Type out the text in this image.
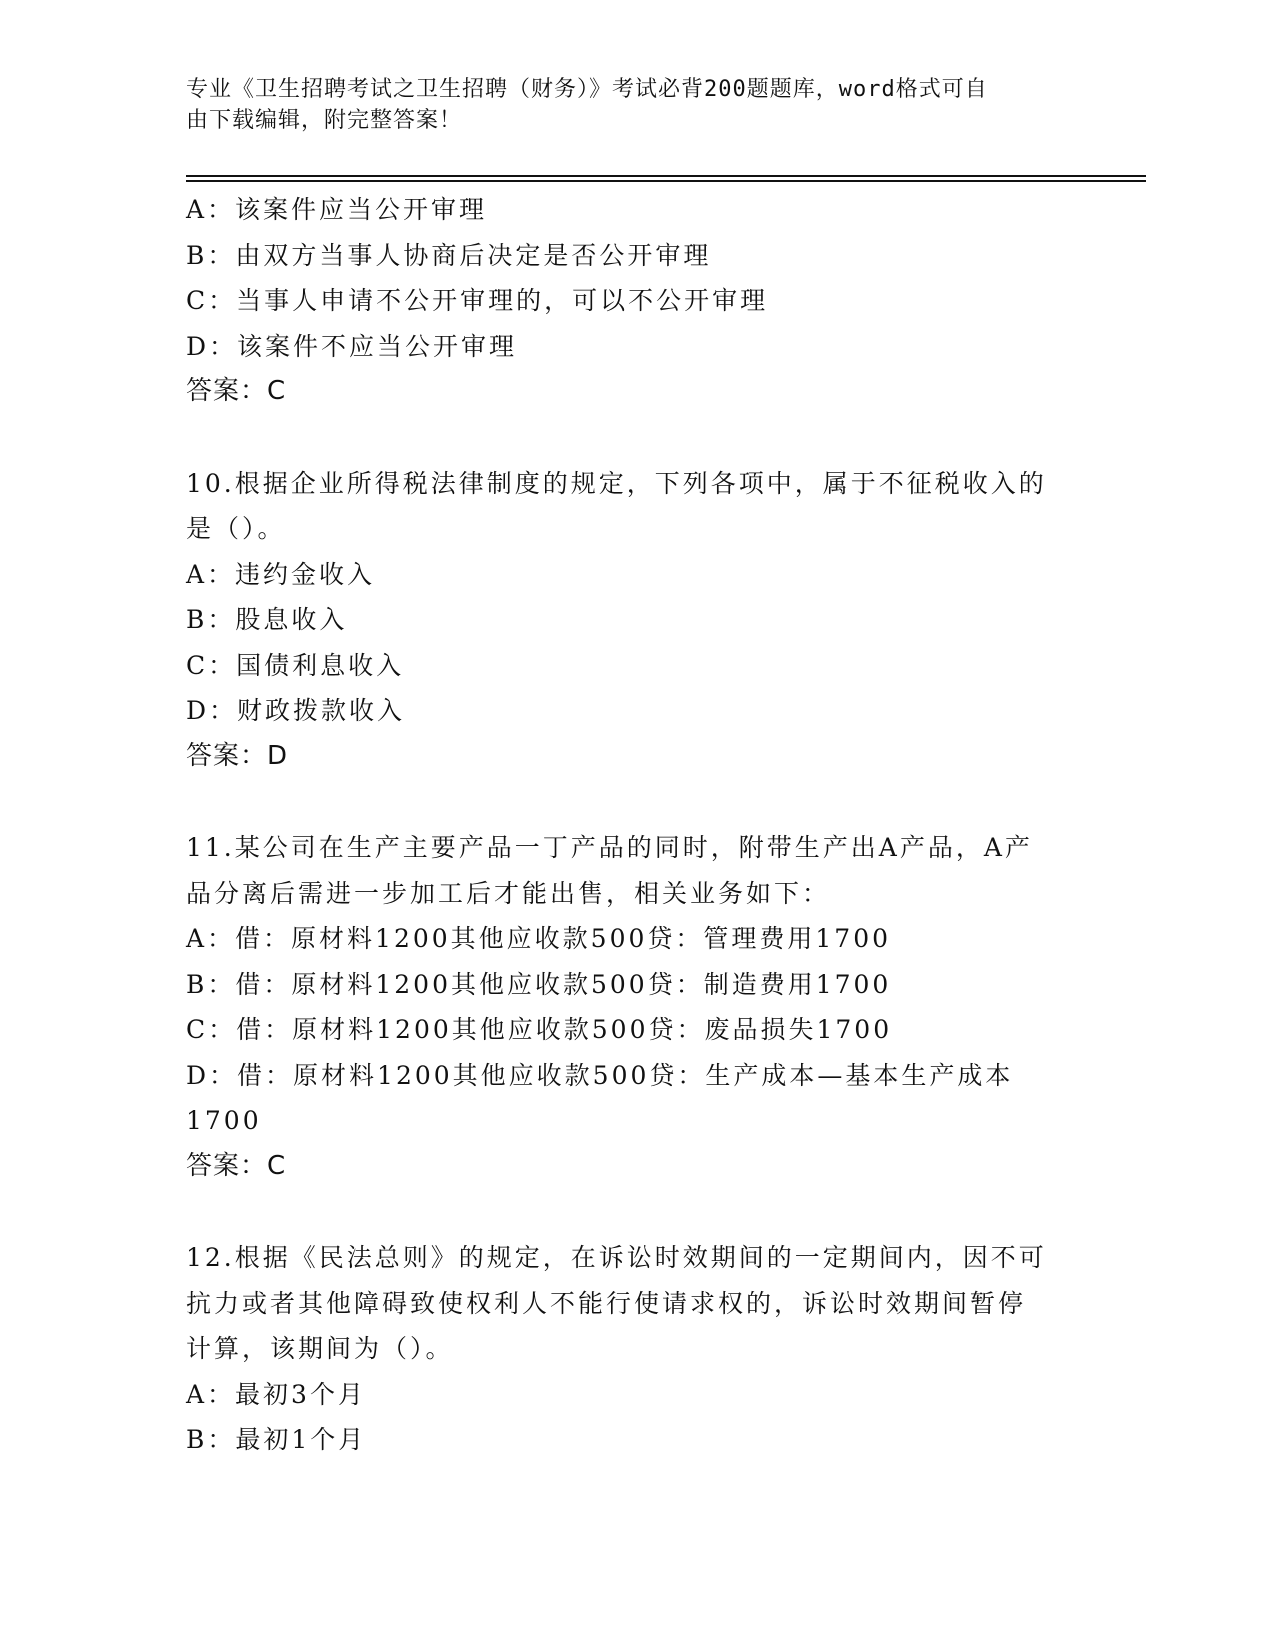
专业《卫生招聘考试之卫生招聘（财务）》考试必背200题题库，word格式可自
由下载编辑，附完整答案！
A：该案件应当公开审理
B：由双方当事人协商后决定是否公开审理
C：当事人申请不公开审理的，可以不公开审理
D：该案件不应当公开审理
答案：C
10.根据企业所得税法律制度的规定，下列各项中，属于不征税收入的
是（）。
A：违约金收入
B：股息收入
C：国债利息收入
D：财政拨款收入
答案：D
11.某公司在生产主要产品一丁产品的同时，附带生产出A产品，A产
品分离后需进一步加工后才能出售，相关业务如下：
A：借：原材料1200其他应收款500贷：管理费用1700
B：借：原材料1200其他应收款500贷：制造费用1700
C：借：原材料1200其他应收款500贷：废品损失1700
D：借：原材料1200其他应收款500贷：生产成本—基本生产成本
1700
答案：C
12.根据《民法总则》的规定，在诉讼时效期间的一定期间内，因不可
抗力或者其他障碍致使权利人不能行使请求权的，诉讼时效期间暂停
计算，该期间为（）。
A：最初3个月
B：最初1个月
